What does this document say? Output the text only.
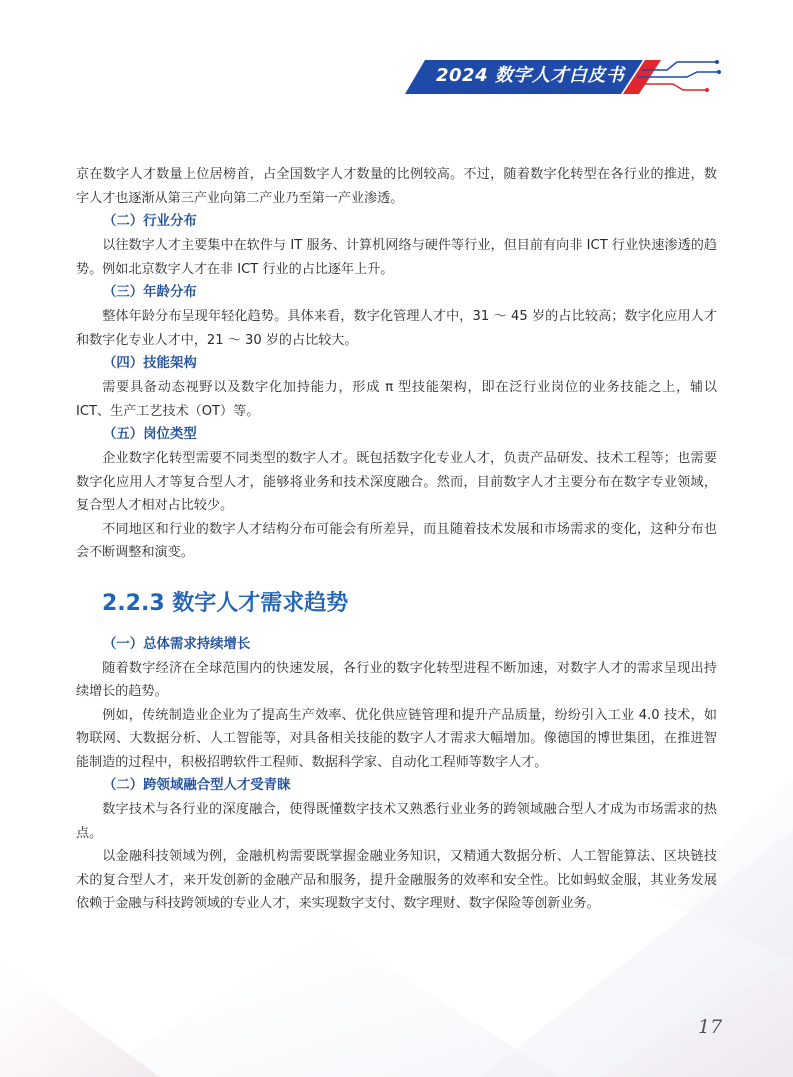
2024 数字人才白皮书

京在数字人才数量上位居榜首，占全国数字人才数量的比例较高。不过，随着数字化转型在各行业的推进，数字人才也逐渐从第三产业向第二产业乃至第一产业渗透。

（二）行业分布

以往数字人才主要集中在软件与 IT 服务、计算机网络与硬件等行业，但目前有向非 ICT 行业快速渗透的趋势。例如北京数字人才在非 ICT 行业的占比逐年上升。

（三）年龄分布

整体年龄分布呈现年轻化趋势。具体来看，数字化管理人才中，31 ～ 45 岁的占比较高；数字化应用人才和数字化专业人才中，21 ～ 30 岁的占比较大。

（四）技能架构

需要具备动态视野以及数字化加持能力，形成 π 型技能架构，即在泛行业岗位的业务技能之上，辅以 ICT、生产工艺技术（OT）等。

（五）岗位类型

企业数字化转型需要不同类型的数字人才。既包括数字化专业人才，负责产品研发、技术工程等；也需要数字化应用人才等复合型人才，能够将业务和技术深度融合。然而，目前数字人才主要分布在数字专业领域，复合型人才相对占比较少。

不同地区和行业的数字人才结构分布可能会有所差异，而且随着技术发展和市场需求的变化，这种分布也会不断调整和演变。

2.2.3 数字人才需求趋势

（一）总体需求持续增长

随着数字经济在全球范围内的快速发展，各行业的数字化转型进程不断加速，对数字人才的需求呈现出持续增长的趋势。

例如，传统制造业企业为了提高生产效率、优化供应链管理和提升产品质量，纷纷引入工业 4.0 技术，如物联网、大数据分析、人工智能等，对具备相关技能的数字人才需求大幅增加。像德国的博世集团，在推进智能制造的过程中，积极招聘软件工程师、数据科学家、自动化工程师等数字人才。

（二）跨领域融合型人才受青睐

数字技术与各行业的深度融合，使得既懂数字技术又熟悉行业业务的跨领域融合型人才成为市场需求的热点。

以金融科技领域为例，金融机构需要既掌握金融业务知识，又精通大数据分析、人工智能算法、区块链技术的复合型人才，来开发创新的金融产品和服务，提升金融服务的效率和安全性。比如蚂蚁金服，其业务发展依赖于金融与科技跨领域的专业人才，来实现数字支付、数字理财、数字保险等创新业务。

17
